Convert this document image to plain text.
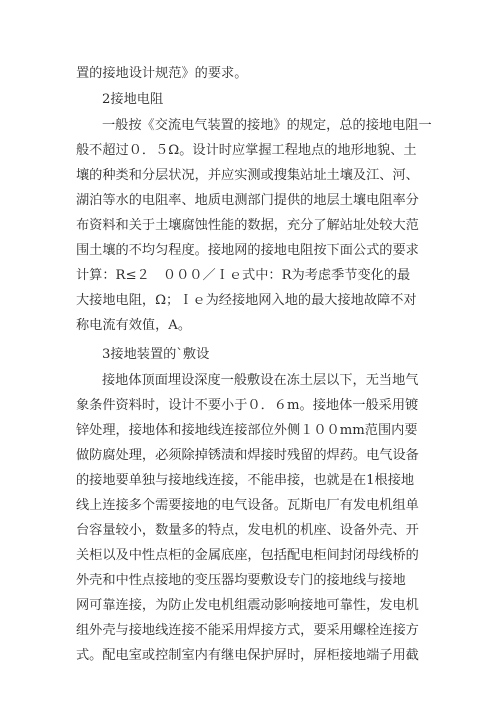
置的接地设计规范》的要求。
2接地电阻
一般按《交流电气装置的接地》的规定，总的接地电阻一
般不超过０．５Ω。设计时应掌握工程地点的地形地貌、土
壤的种类和分层状况，并应实测或搜集站址土壤及江、河、
湖泊等水的电阻率、地质电测部门提供的地层土壤电阻率分
布资料和关于土壤腐蚀性能的数据，充分了解站址处较大范
围土壤的不均匀程度。接地网的接地电阻按下面公式的要求
计算：R≤２　０００／Ｉｅ式中：R为考虑季节变化的最
大接地电阻，Ω；Ｉｅ为经接地网入地的最大接地故障不对
称电流有效值，A。
3接地装置的`敷设
接地体顶面埋设深度一般敷设在冻土层以下，无当地气
象条件资料时，设计不要小于０．６m。接地体一般采用镀
锌处理，接地体和接地线连接部位外侧１００mm范围内要
做防腐处理，必须除掉锈渍和焊接时残留的焊药。电气设备
的接地要单独与接地线连接，不能串接，也就是在1根接地
线上连接多个需要接地的电气设备。瓦斯电厂有发电机组单
台容量较小，数量多的特点，发电机的机座、设备外壳、开
关柜以及中性点柜的金属底座，包括配电柜间封闭母线桥的
外壳和中性点接地的变压器均要敷设专门的接地线与接地
网可靠连接，为防止发电机组震动影响接地可靠性，发电机
组外壳与接地线连接不能采用焊接方式，要采用螺栓连接方
式。配电室或控制室内有继电保护屏时，屏柜接地端子用截
